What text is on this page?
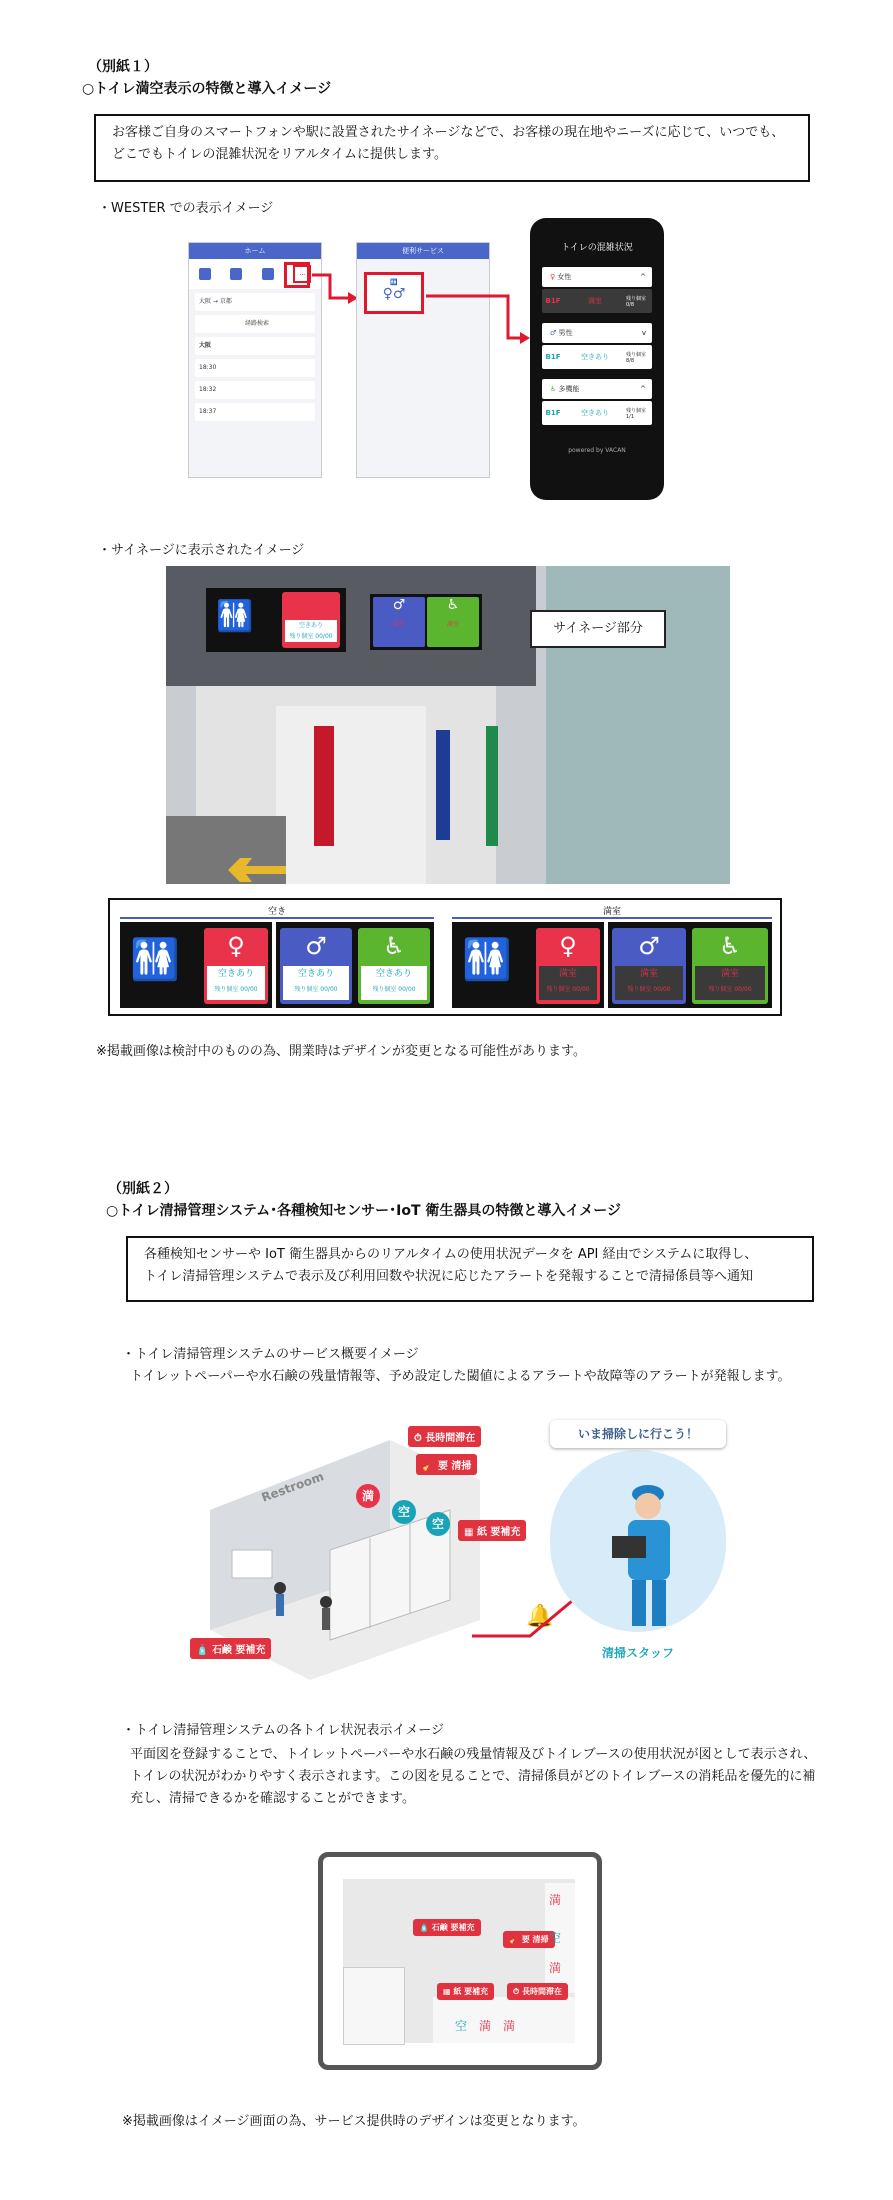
（別紙１）
○トイレ満空表示の特徴と導入イメージ
お客様ご自身のスマートフォンや駅に設置されたサイネージなどで、お客様の現在地やニーズに応じて、いつでも、
どこでもトイレの混雑状況をリアルタイムに提供します。
・WESTER での表示イメージ
ホーム
…
大阪 → 京都
経路検索
大阪
18:30
18:32
18:37
便利サービス
🚻
♀♂
トイレの混雑状況
♀ 女性	^
B1F	満室	残り個室 0/8
♂ 男性	v
B1F	空きあり	残り個室 8/8
♿ 多機能	^
B1F	空きあり	残り個室 1/1
powered by VACAN
・サイネージに表示されたイメージ
🚻	空きあり
残り個室 00/00
♂
満室
♿
満室	サイネージ部分
空き
🚻	♀
空きあり
残り個室 00/00
♂
空きあり
残り個室 00/00
♿
空きあり
残り個室 00/00
満室
🚻	♀
満室
残り個室 00/00
♂
満室
残り個室 00/00
♿
満室
残り個室 00/00
※掲載画像は検討中のものの為、開業時はデザインが変更となる可能性があります。
（別紙２）
○トイレ清掃管理システム･各種検知センサー･IoT 衛生器具の特徴と導入イメージ
各種検知センサーや IoT 衛生器具からのリアルタイムの使用状況データを API 経由でシステムに取得し、
トイレ清掃管理システムで表示及び利用回数や状況に応じたアラートを発報することで清掃係員等へ通知
・トイレ清掃管理システムのサービス概要イメージ
トイレットペーパーや水石鹸の残量情報等、予め設定した閾値によるアラートや故障等のアラートが発報します。
Restroom
⏱ 長時間滞在
🧹 要 清掃
満
空
空
▦ 紙 要補充
🧴 石鹸 要補充
🔔
いま掃除しに行こう！
清掃スタッフ
・トイレ清掃管理システムの各トイレ状況表示イメージ
平面図を登録することで、トイレットペーパーや水石鹸の残量情報及びトイレブースの使用状況が図として表示され、
トイレの状況がわかりやすく表示されます。この図を見ることで、清掃係員がどのトイレブースの消耗品を優先的に補
充し、清掃できるかを確認することができます。
🧴 石鹸 要補充
🧹 要 清掃
▦ 紙 要補充	⏱ 長時間滞在
満
空
満
空 満 満
※掲載画像はイメージ画面の為、サービス提供時のデザインは変更となります。
